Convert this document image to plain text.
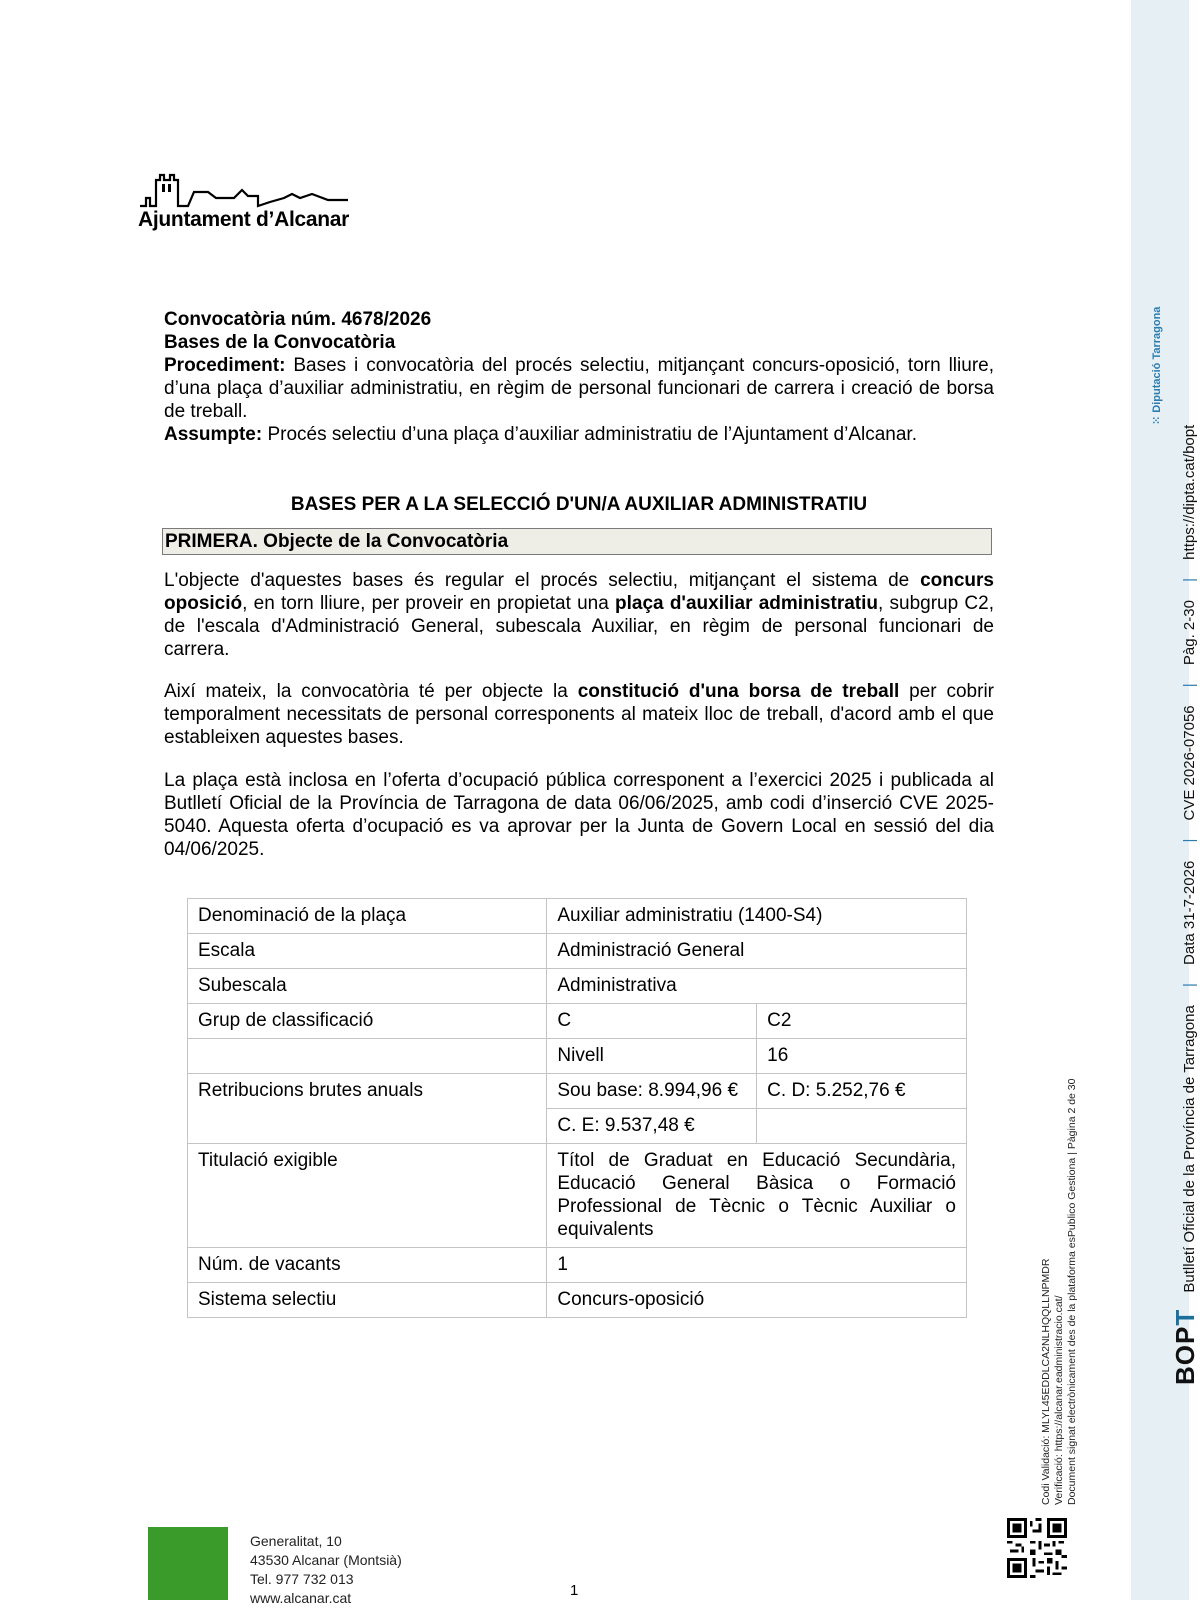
Ajuntament d’Alcanar

Convocatòria núm. 4678/2026

Bases de la Convocatòria

Procediment: Bases i convocatòria del procés selectiu, mitjançant concurs-oposició, torn lliure, d’una plaça d’auxiliar administratiu, en règim de personal funcionari de carrera i creació de borsa de treball.

Assumpte: Procés selectiu d’una plaça d’auxiliar administratiu de l’Ajuntament d’Alcanar.

BASES PER A LA SELECCIÓ D'UN/A AUXILIAR ADMINISTRATIU
PRIMERA. Objecte de la Convocatòria

L'objecte d'aquestes bases és regular el procés selectiu, mitjançant el sistema de concurs oposició, en torn lliure, per proveir en propietat una plaça d'auxiliar administratiu, subgrup C2, de l'escala d'Administració General, subescala Auxiliar, en règim de personal funcionari de carrera.

Així mateix, la convocatòria té per objecte la constitució d'una borsa de treball per cobrir temporalment necessitats de personal corresponents al mateix lloc de treball, d'acord amb el que estableixen aquestes bases.

La plaça està inclosa en l’oferta d’ocupació pública corresponent a l’exercici 2025 i publicada al Butlletí Oficial de la Província de Tarragona de data 06/06/2025, amb codi d’inserció CVE 2025-5040. Aquesta oferta d’ocupació es va aprovar per la Junta de Govern Local en sessió del dia 04/06/2025.

Denominació de la plaça	Auxiliar administratiu (1400-S4)	
Escala	Administració General	
Subescala	Administrativa	
Grup de classificació	C	C2
	Nivell	16
Retribucions brutes anuals	Sou base: 8.994,96 €	C. D: 5.252,76 €
	C. E: 9.537,48 €	
Titulació exigible	Títol de Graduat en Educació Secundària, Educació General Bàsica o Formació Professional de Tècnic o Tècnic Auxiliar o equivalents	
Núm. de vacants	1	
Sistema selectiu	Concurs-oposició	
Generalitat, 10
43530 Alcanar (Montsià)
Tel. 977 732 013
www.alcanar.cat	1
Codi Validació: MLYL45EDDLCA2NLHQQLLNPMDR Verificació: https://alcanar.eadministracio.cat/ Document signat electrònicament des de la plataforma esPublico Gestiona | Pàgina 2 de 30	BOPT Butlletí Oficial de la Província de Tarragona | Data 31-7-2026 | CVE 2026-07056 | Pàg. 2-30 | https://dipta.cat/bopt
⁙ Diputació Tarragona
